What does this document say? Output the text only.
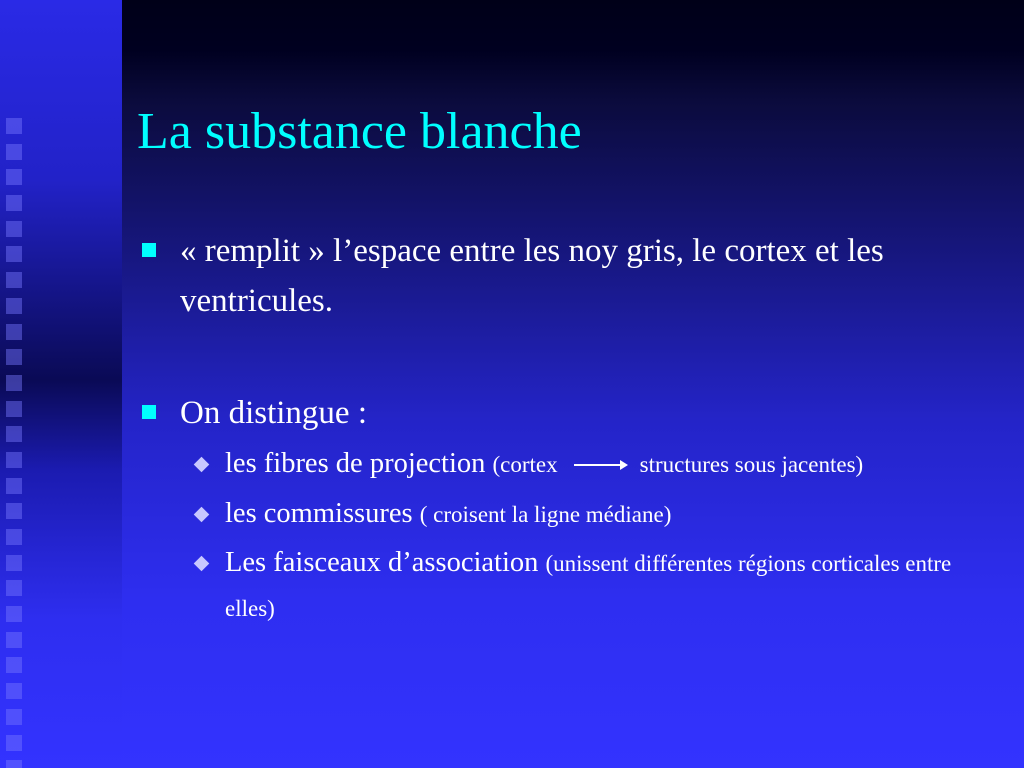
La substance blanche
« remplit » l’espace entre les noy gris, le cortex et les ventricules.
On distingue :
les fibres de projection (cortex	structures sous jacentes)
les commissures ( croisent la ligne médiane)
Les faisceaux d’association (unissent différentes régions corticales entre elles)
